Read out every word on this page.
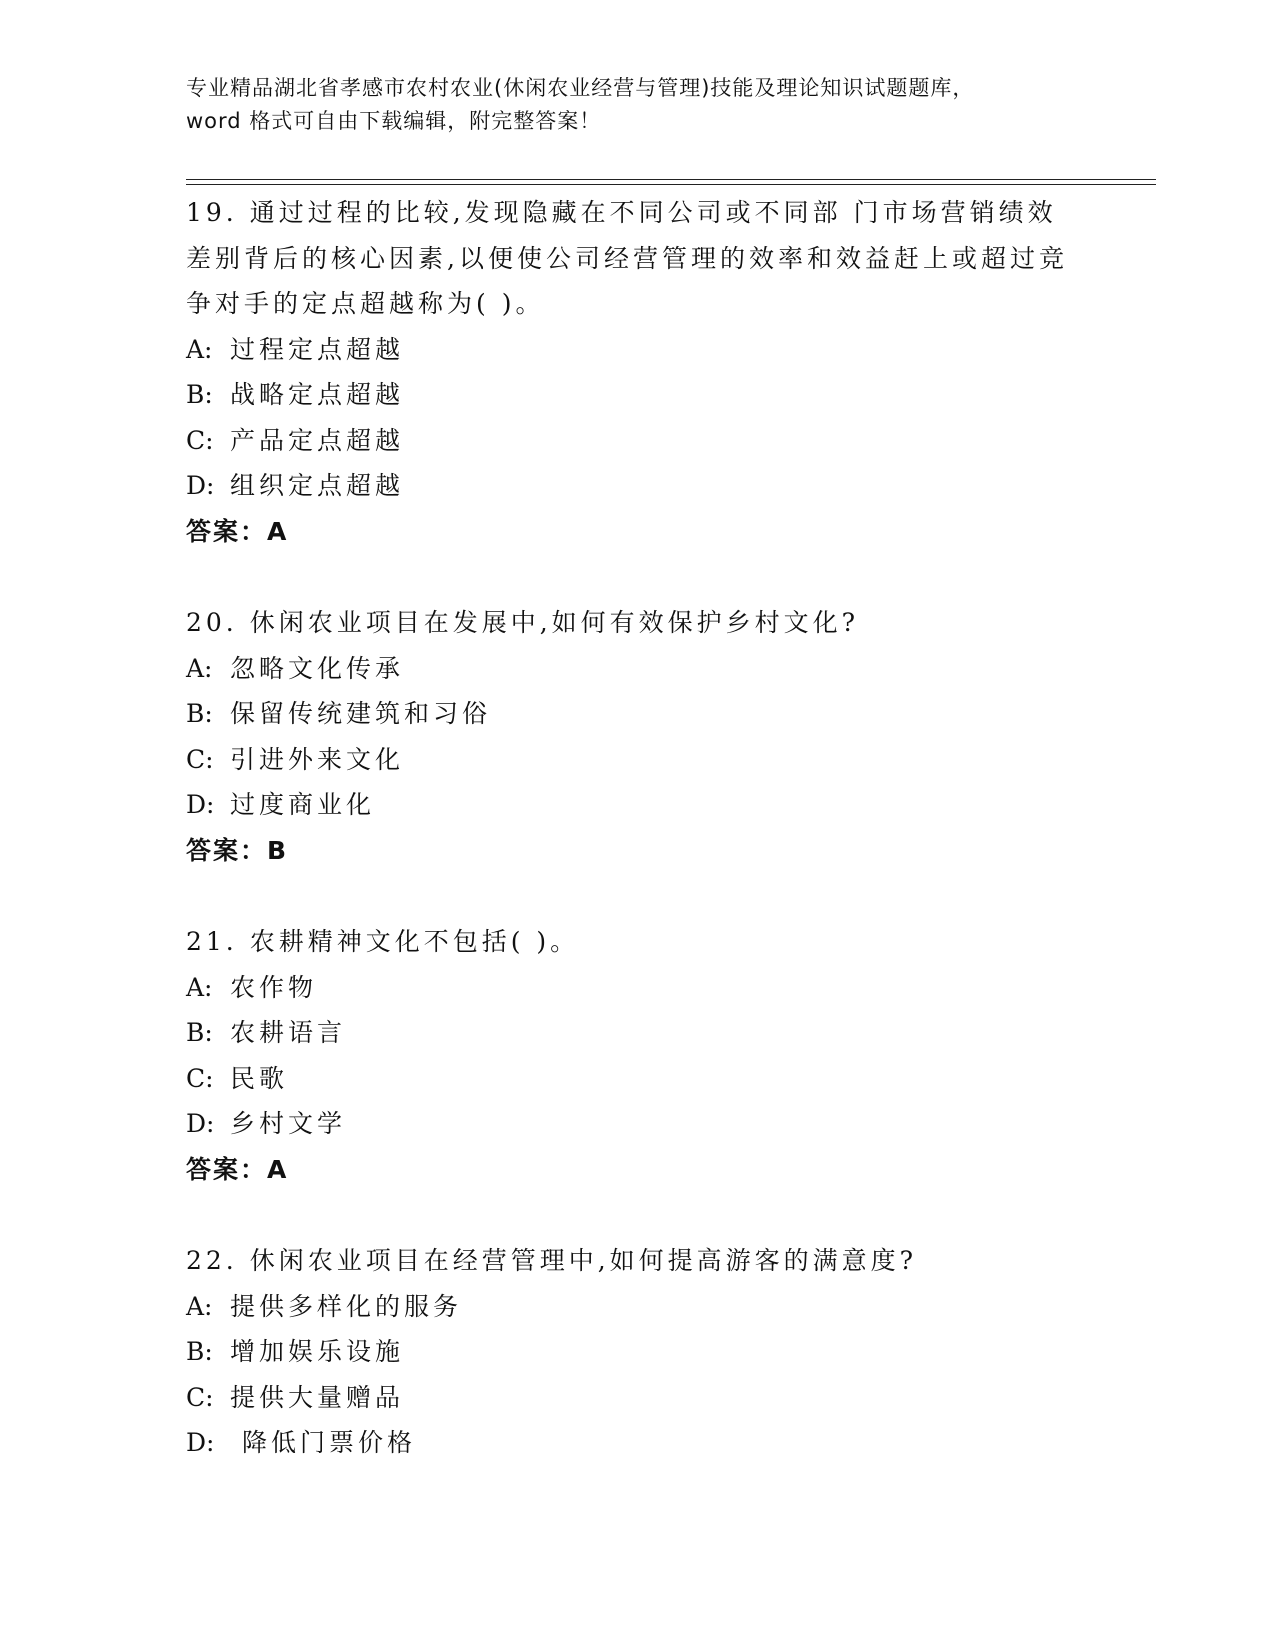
专业精品湖北省孝感市农村农业(休闲农业经营与管理)技能及理论知识试题题库，
word 格式可自由下载编辑，附完整答案！
19. 通过过程的比较,发现隐藏在不同公司或不同部 门市场营销绩效
差别背后的核心因素,以便使公司经营管理的效率和效益赶上或超过竞
争对手的定点超越称为( )。
A: 过程定点超越
B: 战略定点超越
C: 产品定点超越
D: 组织定点超越
答案：A
20. 休闲农业项目在发展中,如何有效保护乡村文化?
A: 忽略文化传承
B: 保留传统建筑和习俗
C: 引进外来文化
D: 过度商业化
答案：B
21. 农耕精神文化不包括( )。
A: 农作物
B: 农耕语言
C: 民歌
D: 乡村文学
答案：A
22. 休闲农业项目在经营管理中,如何提高游客的满意度?
A: 提供多样化的服务
B: 增加娱乐设施
C: 提供大量赠品
D: 降低门票价格
